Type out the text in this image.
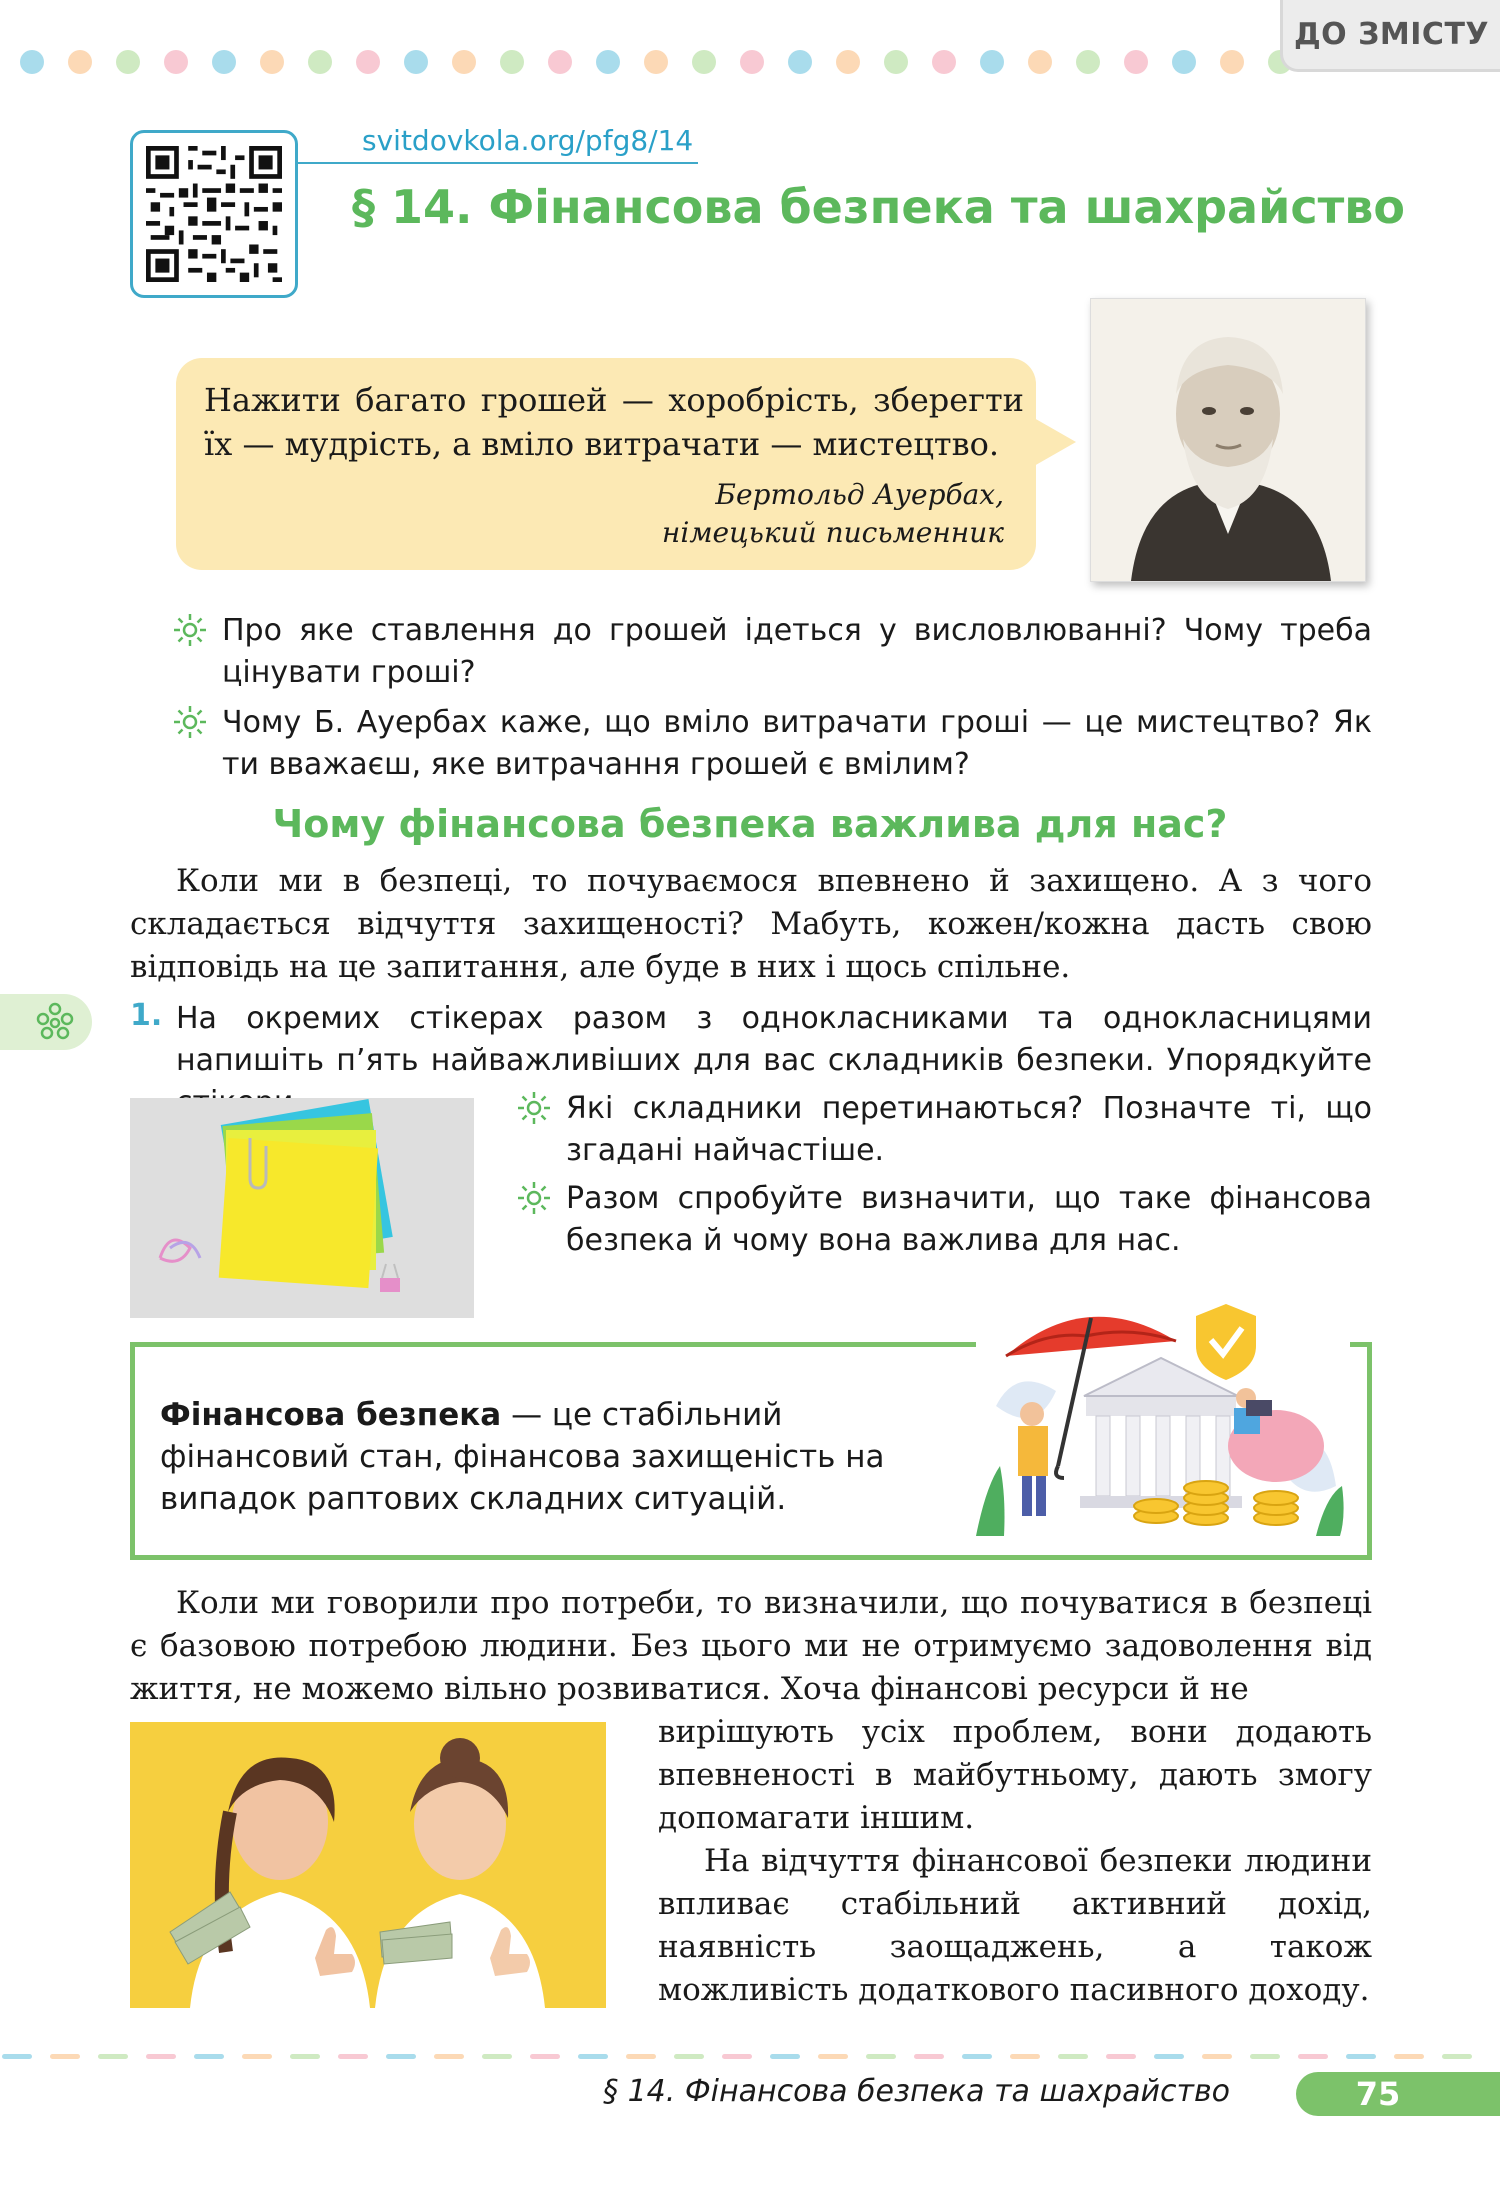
ДО ЗМІСТУ
svitdovkola.org/pfg8/14
§ 14. Фінансова безпека та шахрайство

Нажити багато грошей — хоробрість, зберегти їх — мудрість, а вміло витрачати — мистецтво.

Бертольд Ауербах,
німецький письменник
Про яке ставлення до грошей ідеться у висловлюванні? Чому треба цінувати гроші?
Чому Б. Ауербах каже, що вміло витрачати гроші — це мистецтво? Як ти вважаєш, яке витрачання грошей є вмілим?
Чому фінансова безпека важлива для нас?

Коли ми в безпеці, то почуваємося впевнено й захищено. А з чого складається відчуття захищеності? Мабуть, кожен/кожна дасть свою відповідь на це запитання, але буде в них і щось спільне.

1. На окремих стікерах разом з однокласниками та однокласницями напишіть п’ять найважливіших для вас складників безпеки. Упорядкуйте

Які складники перетинаються? Позначте ті, що згадані найчастіше.
Разом спробуйте визначити, що таке фінансова безпека й чому вона важлива для нас.

Фінансова безпека — це стабільний фінансовий стан, фінансова захищеність на випадок раптових складних ситуацій.

Коли ми говорили про потреби, то визначили, що почуватися в безпеці є базовою потребою людини. Без цього ми не отримуємо задоволення від життя, не можемо вільно розвиватися. Хоча фінансові ресурси й не

вирішують усіх проблем, вони додають впевненості в майбутньому, дають змогу допомагати іншим.

На відчуття фінансової безпеки людини впливає стабільний активний дохід, наявність заощаджень, а також можливість додаткового пасивного доходу.

§ 14. Фінансова безпека та шахрайство	75
